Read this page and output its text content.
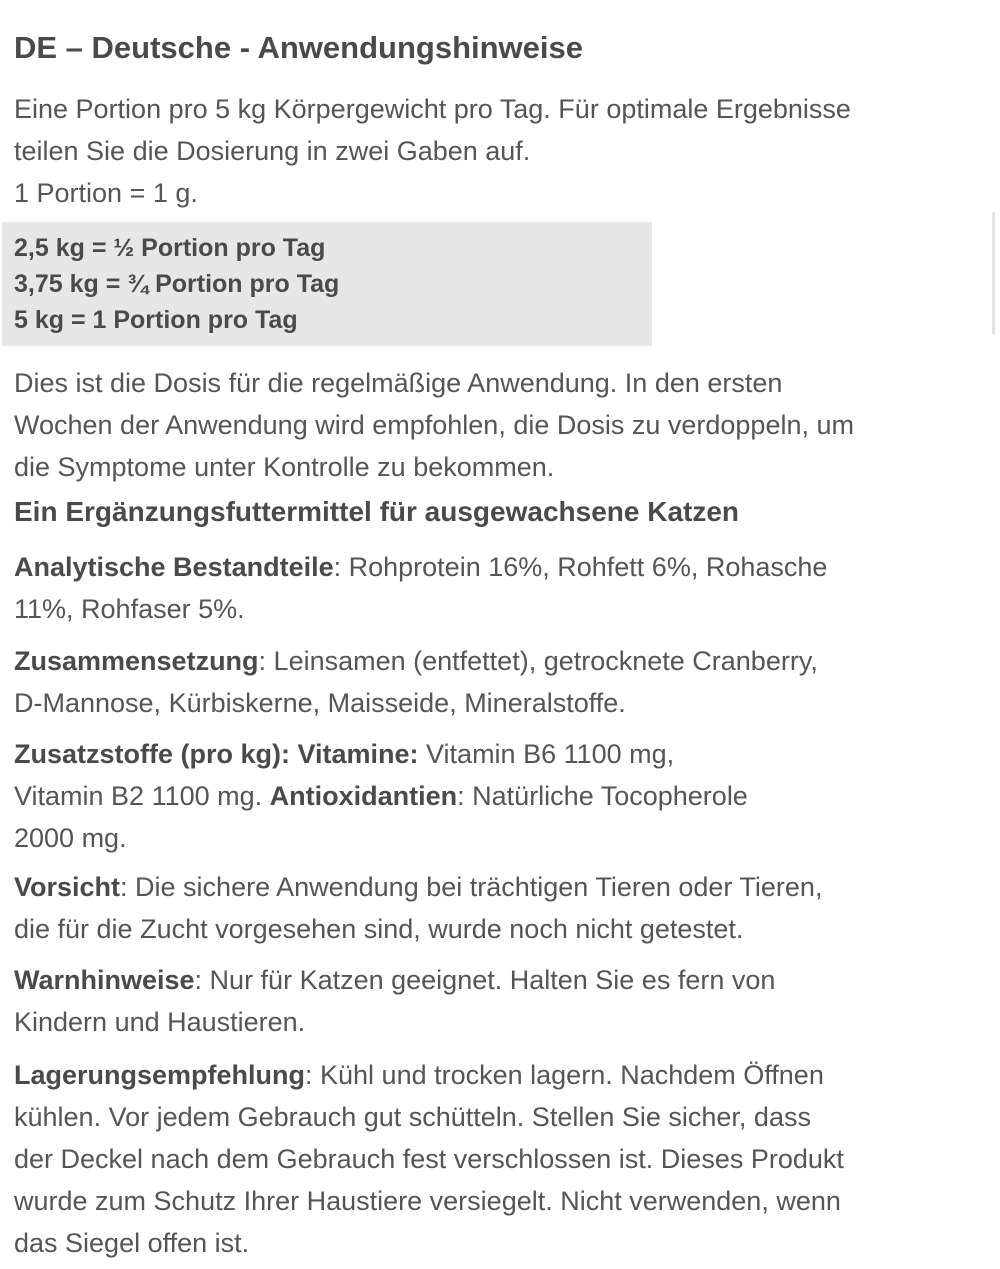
DE – Deutsche - Anwendungshinweise
Eine Portion pro 5 kg Körpergewicht pro Tag. Für optimale Ergebnisse
teilen Sie die Dosierung in zwei Gaben auf.
1 Portion = 1 g.
2,5 kg = ½ Portion pro Tag
3,75 kg = ¾ Portion pro Tag
5 kg = 1 Portion pro Tag
Dies ist die Dosis für die regelmäßige Anwendung. In den ersten
Wochen der Anwendung wird empfohlen, die Dosis zu verdoppeln, um
die Symptome unter Kontrolle zu bekommen.
Ein Ergänzungsfuttermittel für ausgewachsene Katzen
Analytische Bestandteile: Rohprotein 16%, Rohfett 6%, Rohasche
11%, Rohfaser 5%.
Zusammensetzung: Leinsamen (entfettet), getrocknete Cranberry,
D-Mannose, Kürbiskerne, Maisseide, Mineralstoffe.
Zusatzstoffe (pro kg): Vitamine: Vitamin B6 1100 mg,
Vitamin B2 1100 mg. Antioxidantien: Natürliche Tocopherole
2000 mg.
Vorsicht: Die sichere Anwendung bei trächtigen Tieren oder Tieren,
die für die Zucht vorgesehen sind, wurde noch nicht getestet.
Warnhinweise: Nur für Katzen geeignet. Halten Sie es fern von
Kindern und Haustieren.
Lagerungsempfehlung: Kühl und trocken lagern. Nachdem Öffnen
kühlen. Vor jedem Gebrauch gut schütteln. Stellen Sie sicher, dass
der Deckel nach dem Gebrauch fest verschlossen ist. Dieses Produkt
wurde zum Schutz Ihrer Haustiere versiegelt. Nicht verwenden, wenn
das Siegel offen ist.
